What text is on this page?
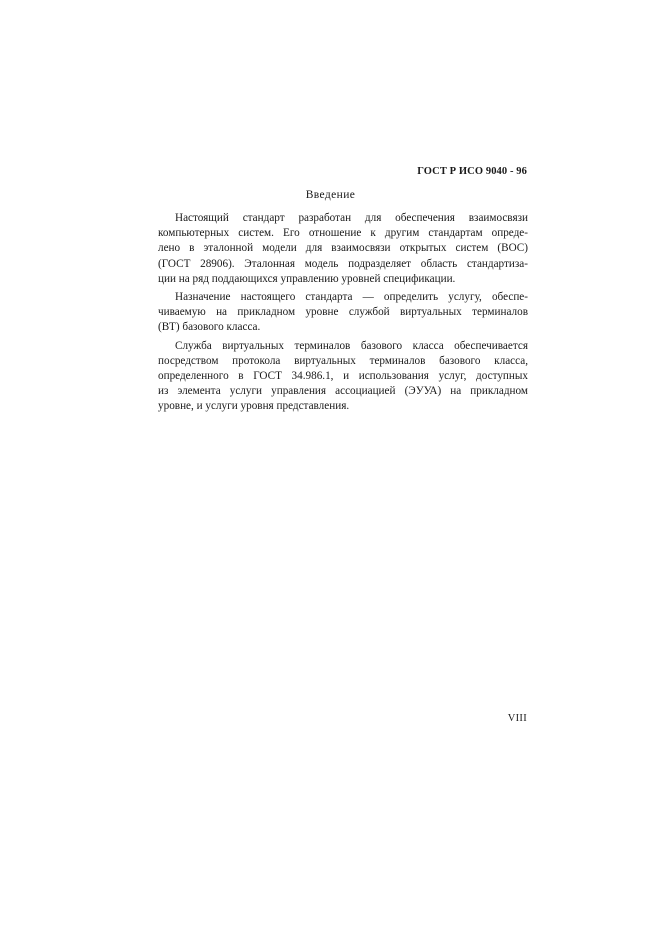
ГОСТ Р ИСО 9040 - 96
Введение
Настоящий стандарт разработан для обеспечения взаимосвязи
компьютерных систем. Его отношение к другим стандартам опреде-
лено в эталонной модели для взаимосвязи открытых систем (ВОС)
(ГОСТ 28906). Эталонная модель подразделяет область стандартиза-
ции на ряд поддающихся управлению уровней спецификации.
Назначение настоящего стандарта — определить услугу, обеспе-
чиваемую на прикладном уровне службой виртуальных терминалов
(ВТ) базового класса.
Служба виртуальных терминалов базового класса обеспечивается
посредством протокола виртуальных терминалов базового класса,
определенного в ГОСТ 34.986.1, и использования услуг, доступных
из элемента услуги управления ассоциацией (ЭУУА) на прикладном
уровне, и услуги уровня представления.
VIII
